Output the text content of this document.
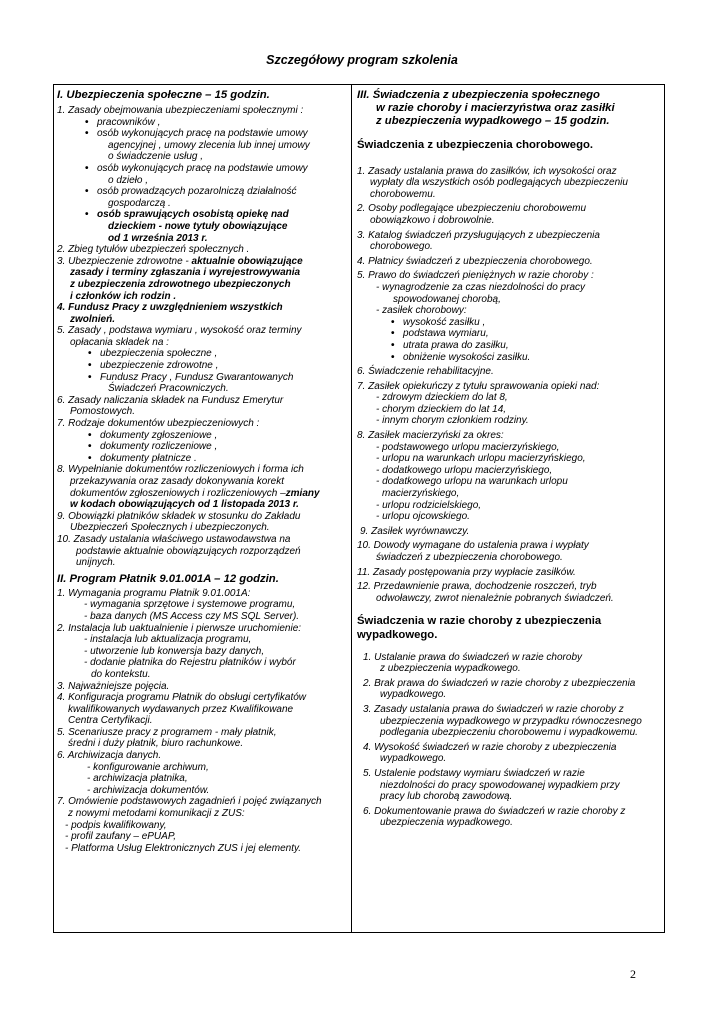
Szczegółowy program szkolenia
I. Ubezpieczenia społeczne – 15 godzin.
1. Zasady obejmowania ubezpieczeniami społecznymi :
• pracowników ,
• osób wykonujących pracę na podstawie umowy
agencyjnej , umowy zlecenia lub innej umowy
o świadczenie usług ,
• osób wykonujących pracę na podstawie umowy
o dzieło ,
• osób prowadzących pozarolniczą działalność
gospodarczą .
• osób sprawujących osobistą opiekę nad
dzieckiem - nowe tytuły obowiązujące
od 1 września 2013 r.
2. Zbieg tytułów ubezpieczeń społecznych .
3. Ubezpieczenie zdrowotne - aktualnie obowiązujące
zasady i terminy zgłaszania i wyrejestrowywania
z ubezpieczenia zdrowotnego ubezpieczonych
i członków ich rodzin .
4. Fundusz Pracy z uwzględnieniem wszystkich
zwolnień.
5. Zasady , podstawa wymiaru , wysokość oraz terminy
opłacania składek na :
• ubezpieczenia społeczne ,
• ubezpieczenie zdrowotne ,
• Fundusz Pracy , Fundusz Gwarantowanych
Świadczeń Pracowniczych.
6. Zasady naliczania składek na Fundusz Emerytur
Pomostowych.
7. Rodzaje dokumentów ubezpieczeniowych :
• dokumenty zgłoszeniowe ,
• dokumenty rozliczeniowe ,
• dokumenty płatnicze .
8. Wypełnianie dokumentów rozliczeniowych i forma ich
przekazywania oraz zasady dokonywania korekt
dokumentów zgłoszeniowych i rozliczeniowych –zmiany
w kodach obowiązujących od 1 listopada 2013 r.
9. Obowiązki płatników składek w stosunku do Zakładu
Ubezpieczeń Społecznych i ubezpieczonych.
10. Zasady ustalania właściwego ustawodawstwa na
podstawie aktualnie obowiązujących rozporządzeń
unijnych.
II. Program Płatnik 9.01.001A – 12 godzin.
1. Wymagania programu Płatnik 9.01.001A:
- wymagania sprzętowe i systemowe programu,
- baza danych (MS Access czy MS SQL Server).
2. Instalacja lub uaktualnienie i pierwsze uruchomienie:
- instalacja lub aktualizacja programu,
- utworzenie lub konwersja bazy danych,
- dodanie płatnika do Rejestru płatników i wybór
do kontekstu.
3. Najważniejsze pojęcia.
4. Konfiguracja programu Płatnik do obsługi certyfikatów
kwalifikowanych wydawanych przez Kwalifikowane
Centra Certyfikacji.
5. Scenariusze pracy z programem - mały płatnik,
średni i duży płatnik, biuro rachunkowe.
6. Archiwizacja danych.
- konfigurowanie archiwum,
- archiwizacja płatnika,
- archiwizacja dokumentów.
7. Omówienie podstawowych zagadnień i pojęć związanych
z nowymi metodami komunikacji z ZUS:
- podpis kwalifikowany,
- profil zaufany – ePUAP,
- Platforma Usług Elektronicznych ZUS i jej elementy.
III. Świadczenia z ubezpieczenia społecznego
w razie choroby i macierzyństwa oraz zasiłki
z ubezpieczenia wypadkowego – 15 godzin.
Świadczenia z ubezpieczenia chorobowego.
1. Zasady ustalania prawa do zasiłków, ich wysokości oraz
wypłaty dla wszystkich osób podlegających ubezpieczeniu
chorobowemu.
2. Osoby podlegające ubezpieczeniu chorobowemu
obowiązkowo i dobrowolnie.
3. Katalog świadczeń przysługujących z ubezpieczenia
chorobowego.
4. Płatnicy świadczeń z ubezpieczenia chorobowego.
5. Prawo do świadczeń pieniężnych w razie choroby :
- wynagrodzenie za czas niezdolności do pracy
spowodowanej chorobą,
- zasiłek chorobowy:
• wysokość zasiłku ,
• podstawa wymiaru,
• utrata prawa do zasiłku,
• obniżenie wysokości zasiłku.
6. Świadczenie rehabilitacyjne.
7. Zasiłek opiekuńczy z tytułu sprawowania opieki nad:
- zdrowym dzieckiem do lat 8,
- chorym dzieckiem do lat 14,
- innym chorym członkiem rodziny.
8. Zasiłek macierzyński za okres:
- podstawowego urlopu macierzyńskiego,
- urlopu na warunkach urlopu macierzyńskiego,
- dodatkowego urlopu macierzyńskiego,
- dodatkowego urlopu na warunkach urlopu
macierzyńskiego,
- urlopu rodzicielskiego,
- urlopu ojcowskiego.
9. Zasiłek wyrównawczy.
10. Dowody wymagane do ustalenia prawa i wypłaty
świadczeń z ubezpieczenia chorobowego.
11. Zasady postępowania przy wypłacie zasiłków.
12. Przedawnienie prawa, dochodzenie roszczeń, tryb
odwoławczy, zwrot nienależnie pobranych świadczeń.
Świadczenia w razie choroby z ubezpieczenia
wypadkowego.
1. Ustalanie prawa do świadczeń w razie choroby
z ubezpieczenia wypadkowego.
2. Brak prawa do świadczeń w razie choroby z ubezpieczenia
wypadkowego.
3. Zasady ustalania prawa do świadczeń w razie choroby z
ubezpieczenia wypadkowego w przypadku równoczesnego
podlegania ubezpieczeniu chorobowemu i wypadkowemu.
4. Wysokość świadczeń w razie choroby z ubezpieczenia
wypadkowego.
5. Ustalenie podstawy wymiaru świadczeń w razie
niezdolności do pracy spowodowanej wypadkiem przy
pracy lub chorobą zawodową.
6. Dokumentowanie prawa do świadczeń w razie choroby z
ubezpieczenia wypadkowego.
2
